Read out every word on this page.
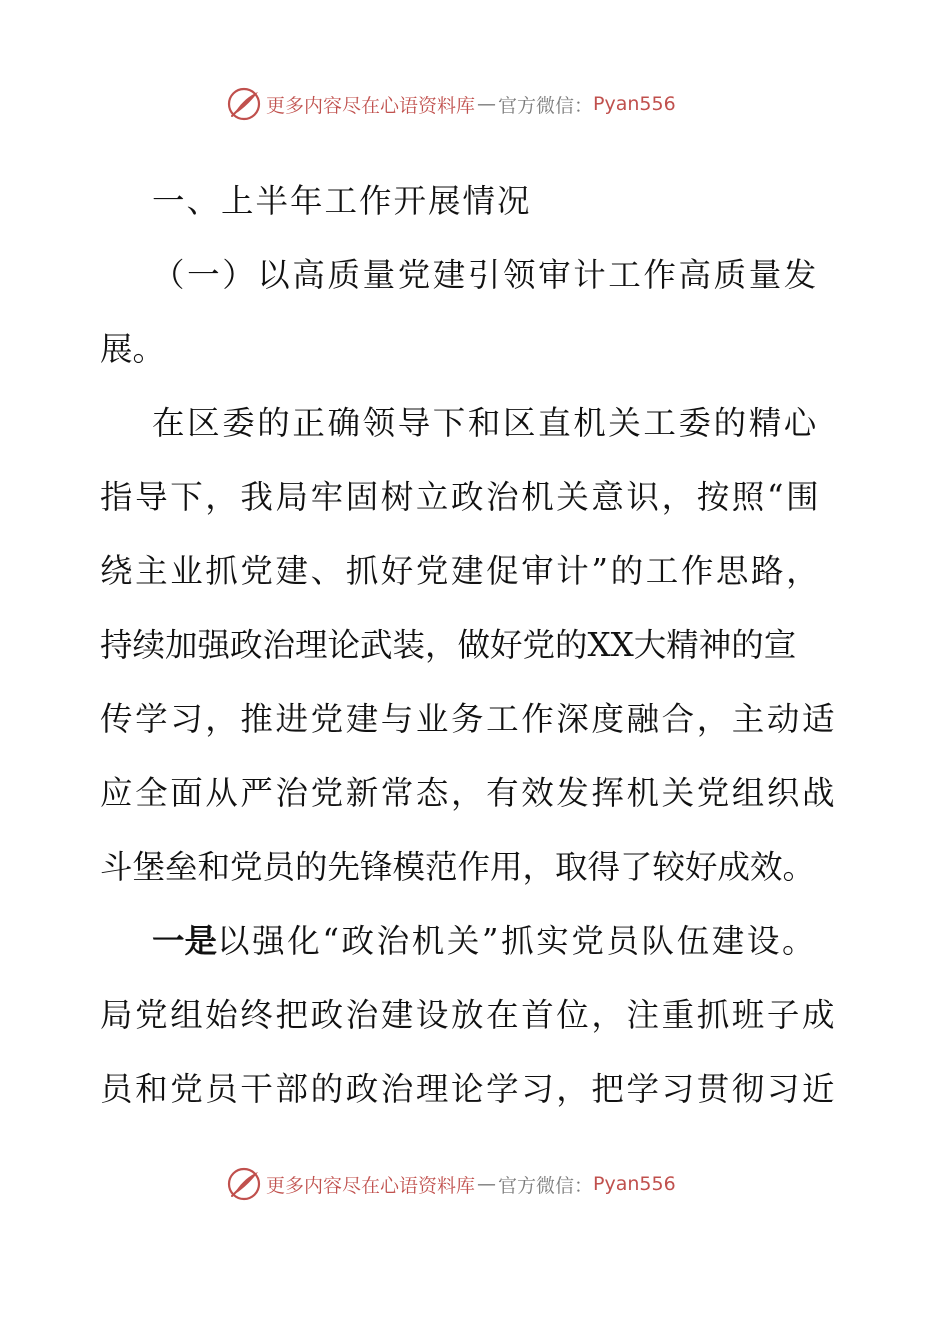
更多内容尽在心语资料库 — 官方微信： Pyan556
一、上半年工作开展情况
（一）以高质量党建引领审计工作高质量发
展。
在区委的正确领导下和区直机关工委的精心
指导下，我局牢固树立政治机关意识，按照“围
绕主业抓党建、抓好党建促审计”的工作思路，
持续加强政治理论武装，做好党的XX大精神的宣
传学习，推进党建与业务工作深度融合，主动适
应全面从严治党新常态，有效发挥机关党组织战
斗堡垒和党员的先锋模范作用，取得了较好成效。
一是以强化“政治机关”抓实党员队伍建设。
局党组始终把政治建设放在首位，注重抓班子成
员和党员干部的政治理论学习，把学习贯彻习近
更多内容尽在心语资料库 — 官方微信： Pyan556
